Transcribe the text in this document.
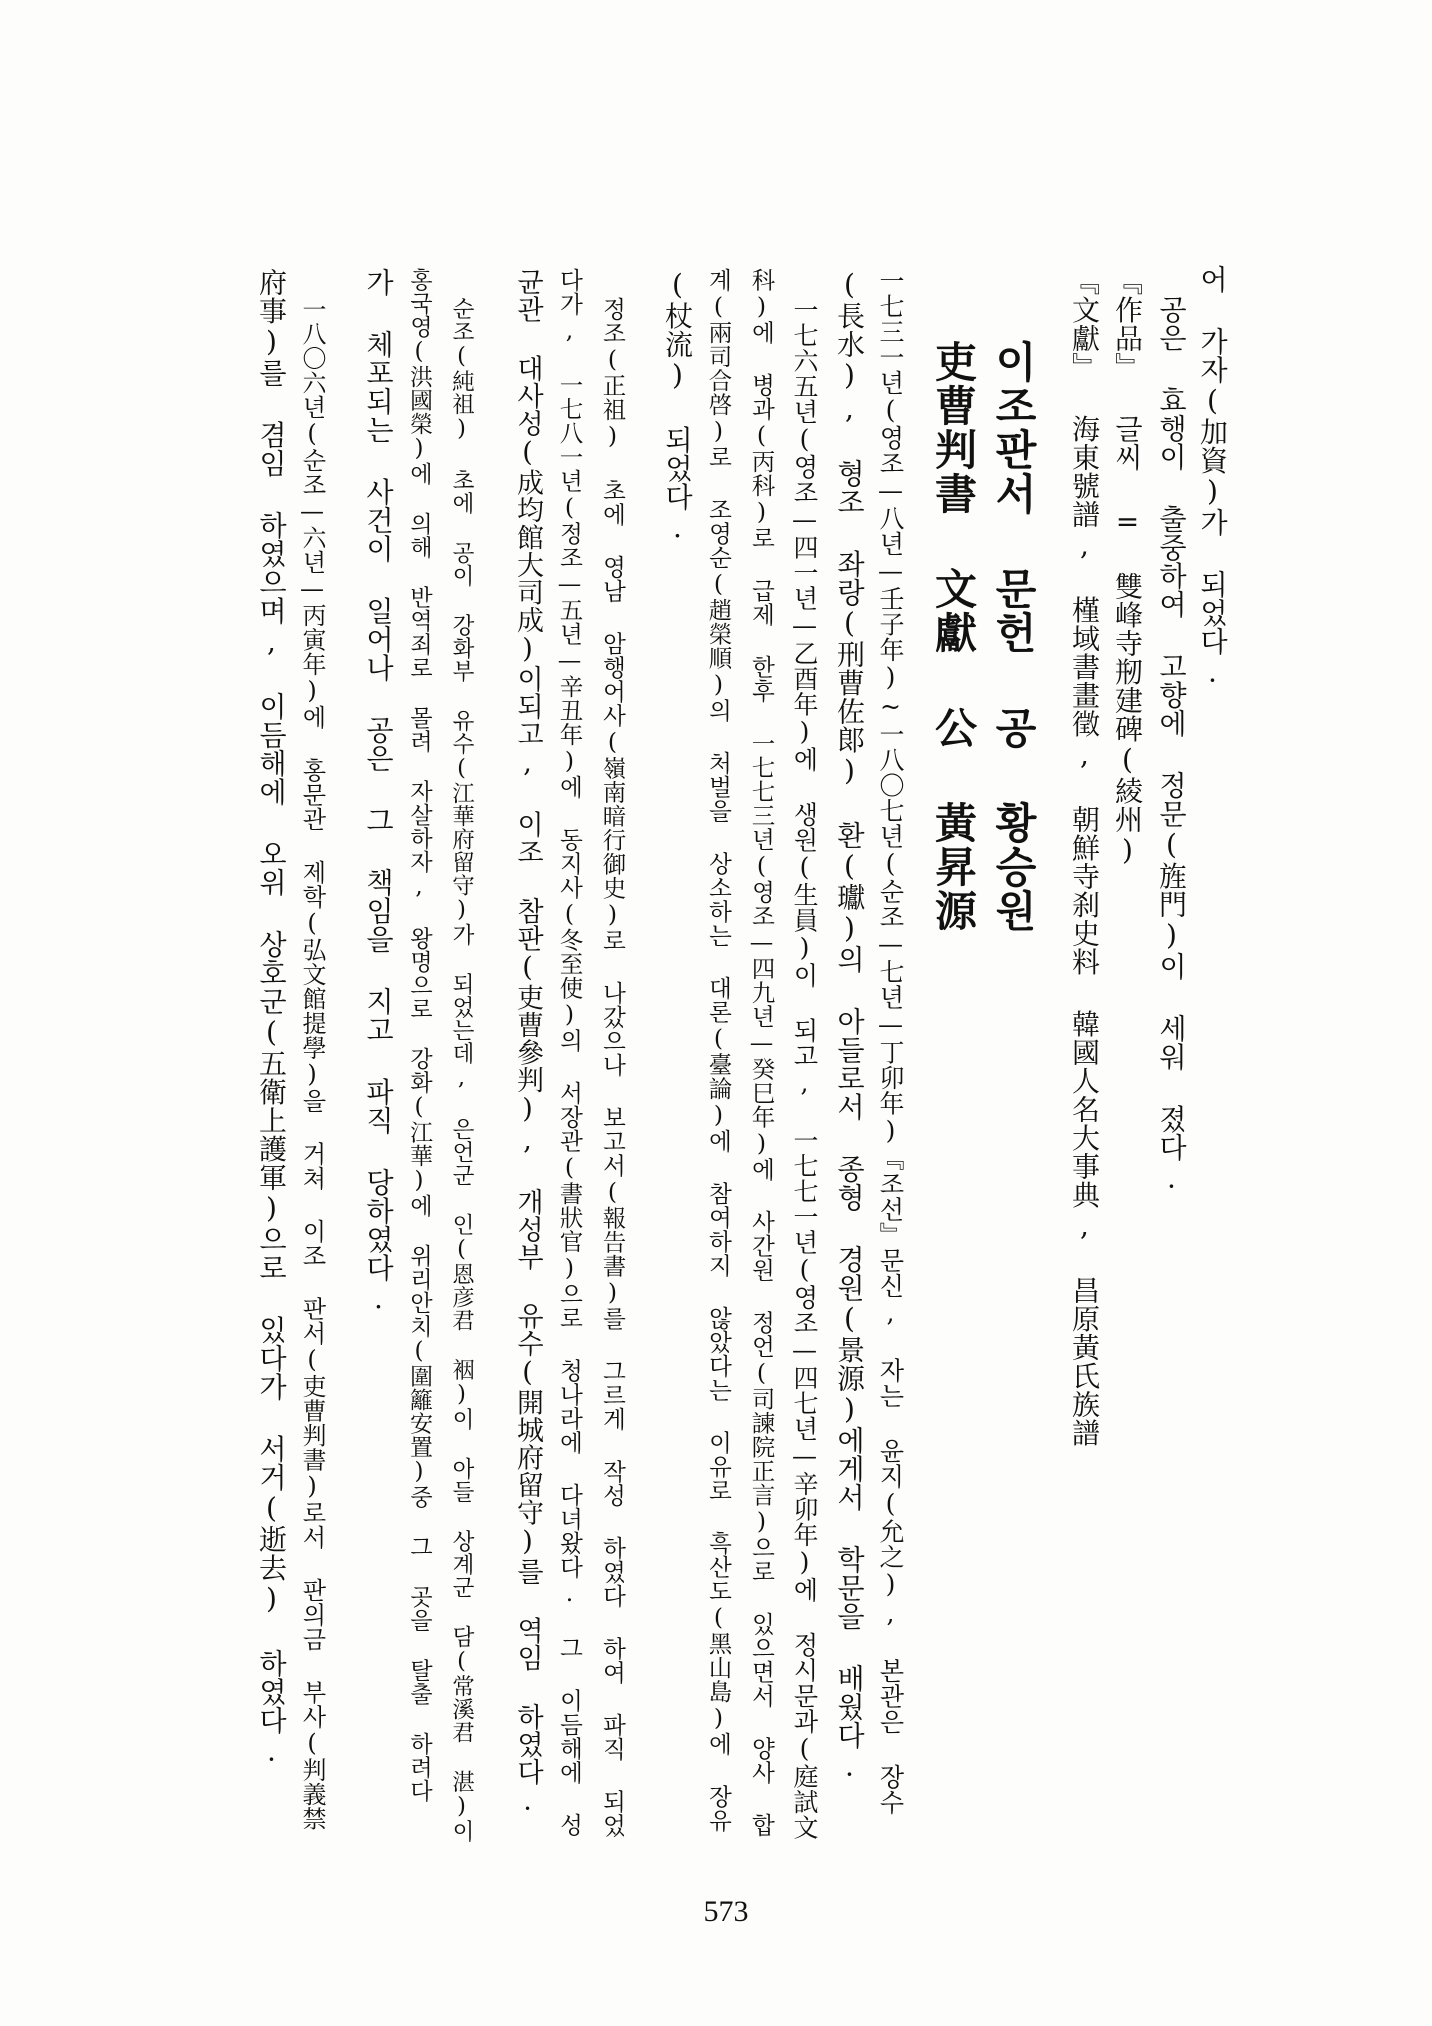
어 가자(加資)가 되었다.
공은 효행이 출중하여 고향에 정문(旌門)이 세워 졌다.
『作品』 글씨 = 雙峰寺剏建碑(綾州)
『文獻』 海東號譜, 槿域書畫徵, 朝鮮寺刹史料 韓國人名大事典, 昌原黃氏族譜
이조판서 문헌 공 황승원
吏曹判書 文獻 公 黃昇源
一七三一년(영조—八년—壬子年)~一八〇七년(순조—七년—丁卯年)『조선』문신, 자는 윤지(允之), 본관은 장수
(長水), 형조 좌랑(刑曹佐郞) 환(瓛)의 아들로서 종형 경원(景源)에게서 학문을 배웠다.
一七六五년(영조—四一년—乙酉年)에 생원(生員)이 되고, 一七七一년(영조—四七년—辛卯年)에 정시문과(庭試文
科)에 병과(丙科)로 급제 한후 一七七三년(영조—四九년—癸巳年)에 사간원 정언(司諫院正言)으로 있으면서 양사 합
계(兩司合啓)로 조영순(趙榮順)의 처벌을 상소하는 대론(臺論)에 참여하지 않았다는 이유로 흑산도(黑山島)에 장유
(杖流) 되었다.
정조(正祖) 초에 영남 암행어사(嶺南暗行御史)로 나갔으나 보고서(報告書)를 그르게 작성 하였다 하여 파직 되었
다가, 一七八一년(정조—五년—辛丑年)에 동지사(冬至使)의 서장관(書狀官)으로 청나라에 다녀왔다. 그 이듬해에 성
균관 대사성(成均館大司成)이되고, 이조 참판(吏曹參判), 개성부 유수(開城府留守)를 역임 하였다.
순조(純祖) 초에 공이 강화부 유수(江華府留守)가 되었는데, 은언군 인(恩彦君 裀)이 아들 상계군 담(常溪君 湛)이
홍국영(洪國榮)에 의해 반역죄로 몰려 자살하자, 왕명으로 강화(江華)에 위리안치(圍籬安置)중 그 곳을 탈출 하려다
가 체포되는 사건이 일어나 공은 그 책임을 지고 파직 당하였다.
一八〇六년(순조—六년—丙寅年)에 홍문관 제학(弘文館提學)을 거쳐 이조 판서(吏曹判書)로서 판의금 부사(判義禁
府事)를 겸임 하였으며, 이듬해에 오위 상호군(五衛上護軍)으로 있다가 서거(逝去) 하였다.
573
